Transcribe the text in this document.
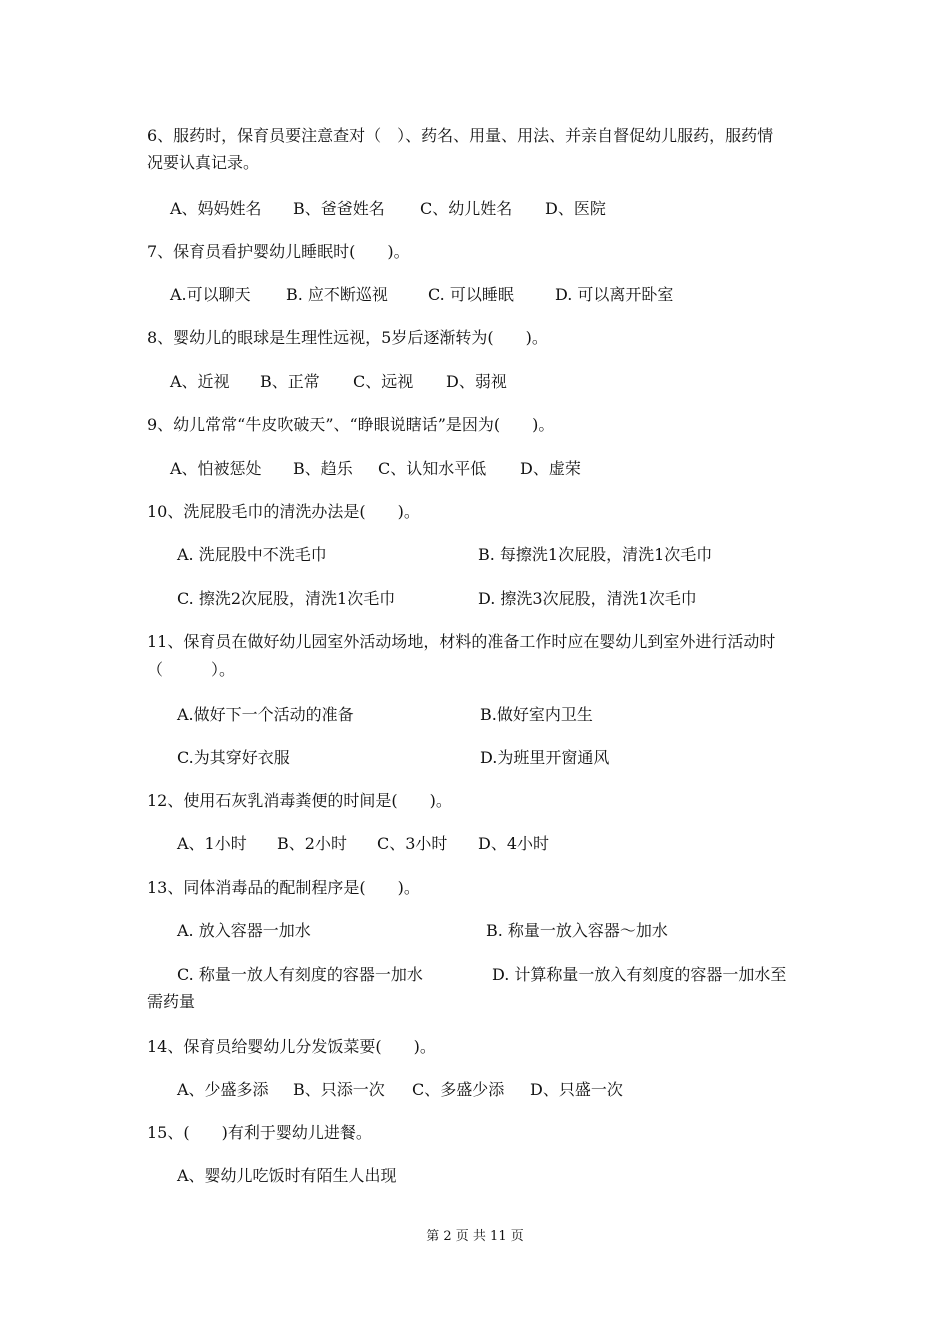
6、服药时，保育员要注意查对（　）、药名、用量、用法、并亲自督促幼儿服药，服药情
况要认真记录。
A、妈妈姓名 B、爸爸姓名 C、幼儿姓名 D、医院
7、保育员看护婴幼儿睡眠时(　　)。
A.可以聊天 B. 应不断巡视	C. 可以睡眠	D. 可以离开卧室
8、婴幼儿的眼球是生理性远视，5岁后逐渐转为(　　)。
A、近视 B、正常 C、远视 D、弱视
9、幼儿常常“牛皮吹破天”、“睁眼说瞎话”是因为(　　)。
A、怕被惩处 B、趋乐 C、认知水平低 D、虚荣
10、洗屁股毛巾的清洗办法是(　　)。
A. 洗屁股中不洗毛巾	B. 每擦洗1次屁股，清洗1次毛巾
C. 擦洗2次屁股，清洗1次毛巾	D. 擦洗3次屁股，清洗1次毛巾
11、保育员在做好幼儿园室外活动场地，材料的准备工作时应在婴幼儿到室外进行活动时
（　　　）。
A.做好下一个活动的准备	B.做好室内卫生
C.为其穿好衣服	D.为班里开窗通风
12、使用石灰乳消毒粪便的时间是(　　)。
A、1小时 B、2小时 C、3小时 D、4小时
13、同体消毒品的配制程序是(　　)。
A. 放入容器一加水	B. 称量一放入容器～加水
C. 称量一放人有刻度的容器一加水	D. 计算称量一放入有刻度的容器一加水至
需药量
14、保育员给婴幼儿分发饭菜要(　　)。
A、少盛多添 B、只添一次 C、多盛少添 D、只盛一次
15、(　　)有利于婴幼儿进餐。
A、婴幼儿吃饭时有陌生人出现
第 2 页 共 11 页
